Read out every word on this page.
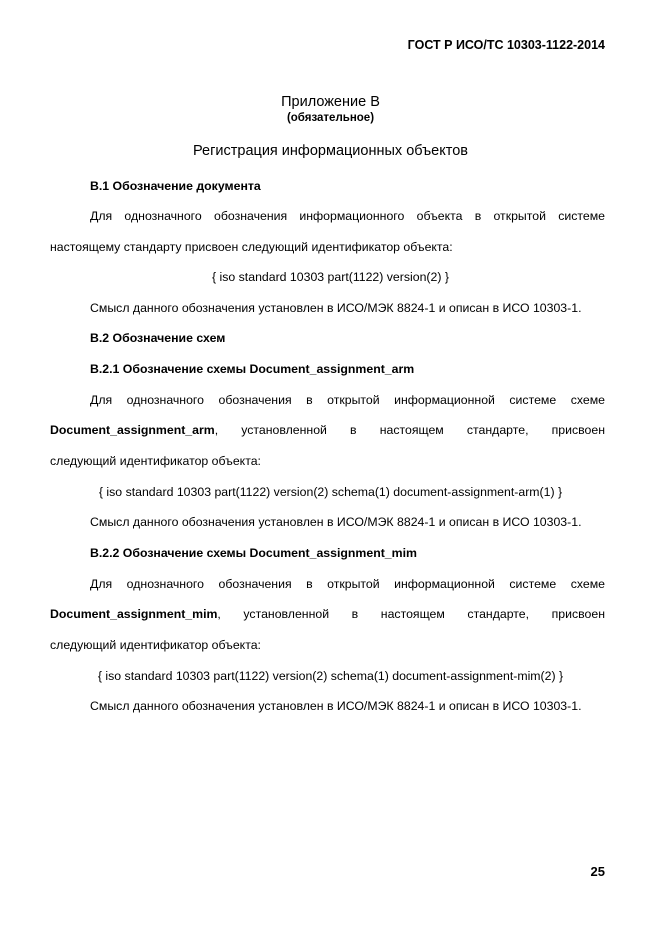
ГОСТ Р ИСО/ТС 10303-1122-2014
Приложение В
(обязательное)
Регистрация информационных объектов
В.1 Обозначение документа
Для однозначного обозначения информационного объекта в открытой системе
настоящему стандарту присвоен следующий идентификатор объекта:
{ iso standard 10303 part(1122) version(2) }
Смысл данного обозначения установлен в ИСО/МЭК 8824-1 и описан в ИСО 10303-1.
В.2 Обозначение схем
В.2.1 Обозначение схемы Document_assignment_arm
Для однозначного обозначения в открытой информационной системе схеме
Document_assignment_arm, установленной в настоящем стандарте, присвоен
следующий идентификатор объекта:
{ iso standard 10303 part(1122) version(2) schema(1) document-assignment-arm(1) }
Смысл данного обозначения установлен в ИСО/МЭК 8824-1 и описан в ИСО 10303-1.
В.2.2 Обозначение схемы Document_assignment_mim
Для однозначного обозначения в открытой информационной системе схеме
Document_assignment_mim, установленной в настоящем стандарте, присвоен
следующий идентификатор объекта:
{ iso standard 10303 part(1122) version(2) schema(1) document-assignment-mim(2) }
Смысл данного обозначения установлен в ИСО/МЭК 8824-1 и описан в ИСО 10303-1.
25
